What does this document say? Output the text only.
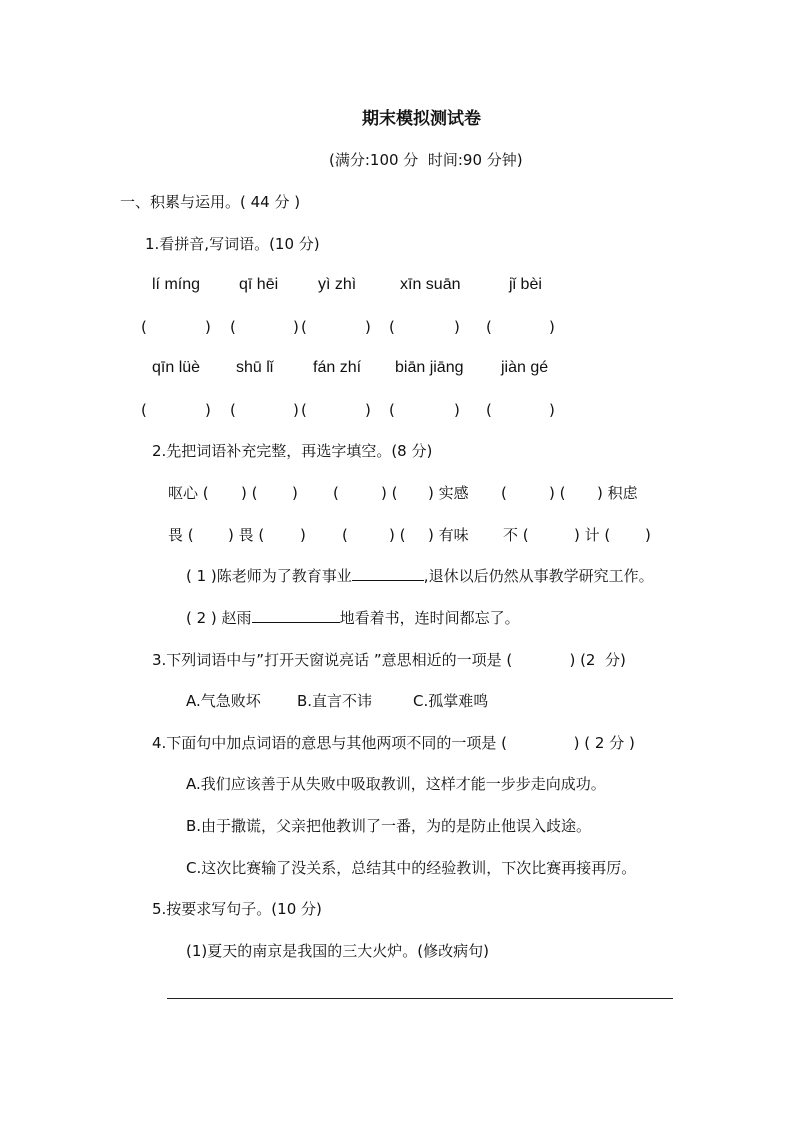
期末模拟测试卷
(满分:100 分  时间:90 分钟)
一、积累与运用。( 44 分 )
1.看拼音,写词语。(10 分)
lí míng qī hēi yì zhì	xīn suān	jǐ bèi
(	) (	) (	) (	) (	)
qīn lüè shū lǐ fán zhí biān jiāng jiàn gé
(	) (	) (	) (	) (	)
2.先把词语补充完整，再选字填空。(8 分)
呕心 ( ) ( ) (	) ( ) 实感 (	) ( ) 积虑
畏 ( ) 畏 ( ) (	) ( ) 有味 不 (	) 计 ( )
( 1 )陈老师为了教育事业	,退休以后仍然从事教学研究工作。
( 2 ) 赵雨	地看着书，连时间都忘了。
3.下列词语中与”打开天窗说亮话 ”意思相近的一项是 (            ) (2  分)
A.气急败坏 B.直言不讳	C.孤掌难鸣
4.下面句中加点词语的意思与其他两项不同的一项是 (              ) ( 2 分 )
A.我们应该善于从失败中吸取教训，这样才能一步步走向成功。
B.由于撒谎，父亲把他教训了一番，为的是防止他误入歧途。
C.这次比赛输了没关系，总结其中的经验教训，下次比赛再接再厉。
5.按要求写句子。(10 分)
(1)夏天的南京是我国的三大火炉。(修改病句)
